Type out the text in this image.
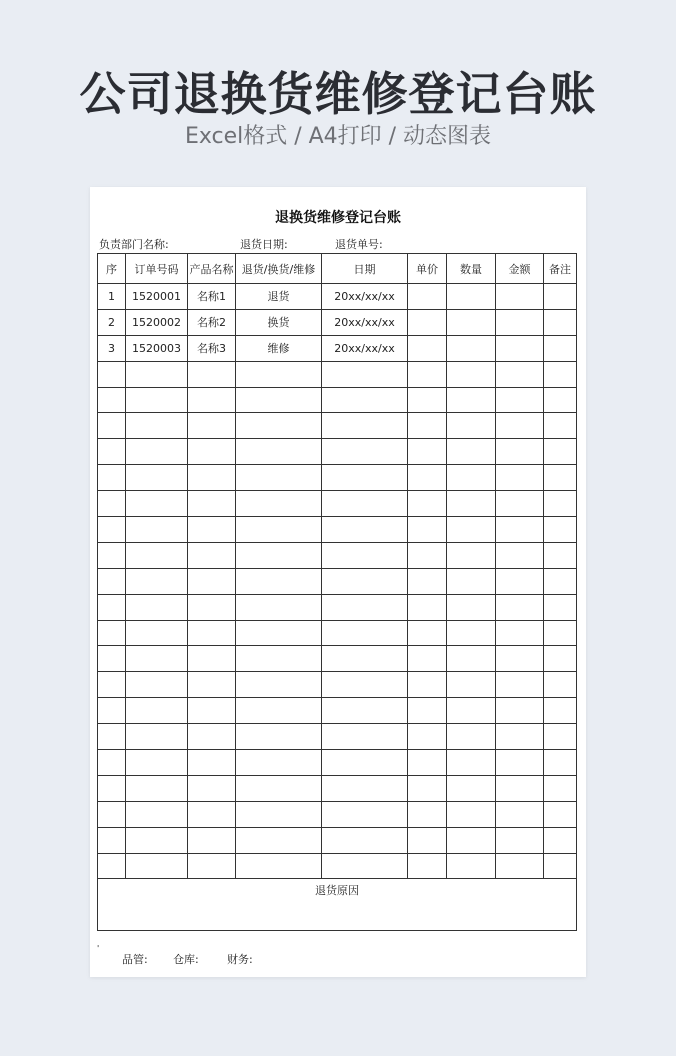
公司退换货维修登记台账
Excel格式 / A4打印 / 动态图表
退换货维修登记台账
负责部门名称:	退货日期:	退货单号:
序	订单号码	产品名称	退货/换货/维修	日期	单价	数量	金额	备注
1	1520001	名称1	退货	20xx/xx/xx				
2	1520002	名称2	换货	20xx/xx/xx				
3	1520003	名称3	维修	20xx/xx/xx				

退货原因								
'
品管: 仓库:	财务:
